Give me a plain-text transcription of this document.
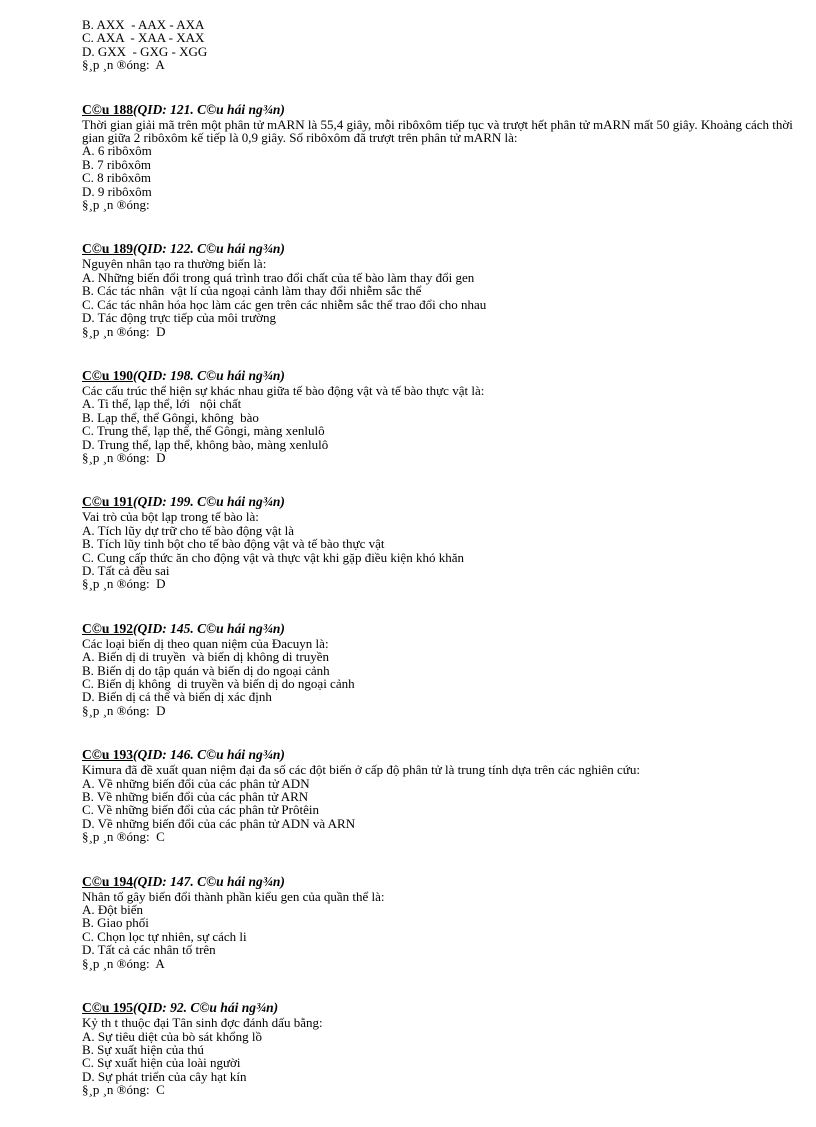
B. AXX  - AAX - AXA
C. AXA  - XAA - XAX
D. GXX  - GXG - XGG
§¸p ¸n ®óng:  A
C©u 188(QID: 121. C©u hái ng¾n)
Thời gian giải mã trên một phân tử mARN là 55,4 giây, mỗi ribôxôm tiếp tục và trượt hết phân tử mARN mất 50 giây. Khoảng cách thời gian giữa 2 ribôxôm kế tiếp là 0,9 giây. Số ribôxôm đã trượt trên phân tử mARN là:
A. 6 ribôxôm
B. 7 ribôxôm
C. 8 ribôxôm
D. 9 ribôxôm
§¸p ¸n ®óng:
C©u 189(QID: 122. C©u hái ng¾n)
Nguyên nhân tạo ra thường biến là:
A. Những biến đổi trong quá trình trao đổi chất của tế bào làm thay đổi gen
B. Các tác nhân  vật lí của ngoại cảnh làm thay đổi nhiễm sắc thể
C. Các tác nhân hóa học làm các gen trên các nhiễm sắc thể trao đổi cho nhau
D. Tác động trực tiếp của môi trường
§¸p ¸n ®óng:  D
C©u 190(QID: 198. C©u hái ng¾n)
Các cấu trúc thể hiện sự khác nhau giữa tế bào động vật và tế bào thực vật là:
A. Ti thể, lạp thể, lới   nội chất
B. Lạp thể, thể Gôngi, không  bào
C. Trung thể, lạp thể, thể Gôngi, màng xenlulô
D. Trung thể, lạp thể, không bào, màng xenlulô
§¸p ¸n ®óng:  D
C©u 191(QID: 199. C©u hái ng¾n)
Vai trò của bột lạp trong tế bào là:
A. Tích lũy dự trữ cho tế bào động vật là
B. Tích lũy tinh bột cho tế bào động vật và tế bào thực vật
C. Cung cấp thức ăn cho động vật và thực vật khi gặp điều kiện khó khăn
D. Tất cả đều sai
§¸p ¸n ®óng:  D
C©u 192(QID: 145. C©u hái ng¾n)
Các loại biến dị theo quan niệm của Đacuyn là:
A. Biến dị di truyền  và biến dị không di truyền
B. Biến dị do tập quán và biến dị do ngoại cảnh
C. Biến dị không  di truyền và biến dị do ngoại cảnh
D. Biến dị cá thể và biến dị xác định
§¸p ¸n ®óng:  D
C©u 193(QID: 146. C©u hái ng¾n)
Kimura đã đề xuất quan niệm đại đa số các đột biến ở cấp độ phân tử là trung tính dựa trên các nghiên cứu:
A. Về những biến đổi của các phân tử ADN
B. Về những biến đổi của các phân tử ARN
C. Về những biến đổi của các phân tử Prôtêin
D. Về những biến đổi của các phân tử ADN và ARN
§¸p ¸n ®óng:  C
C©u 194(QID: 147. C©u hái ng¾n)
Nhân tố gây biến đổi thành phần kiểu gen của quần thể là:
A. Đột biến
B. Giao phối
C. Chọn lọc tự nhiên, sự cách li
D. Tất cả các nhân tố trên
§¸p ¸n ®óng:  A
C©u 195(QID: 92. C©u hái ng¾n)
Kỷ th t thuộc đại Tân sinh đợc đánh dấu bằng:
A. Sự tiêu diệt của bò sát khổng lồ
B. Sự xuất hiện của thú
C. Sự xuất hiện của loài người
D. Sự phát triển của cây hạt kín
§¸p ¸n ®óng:  C
